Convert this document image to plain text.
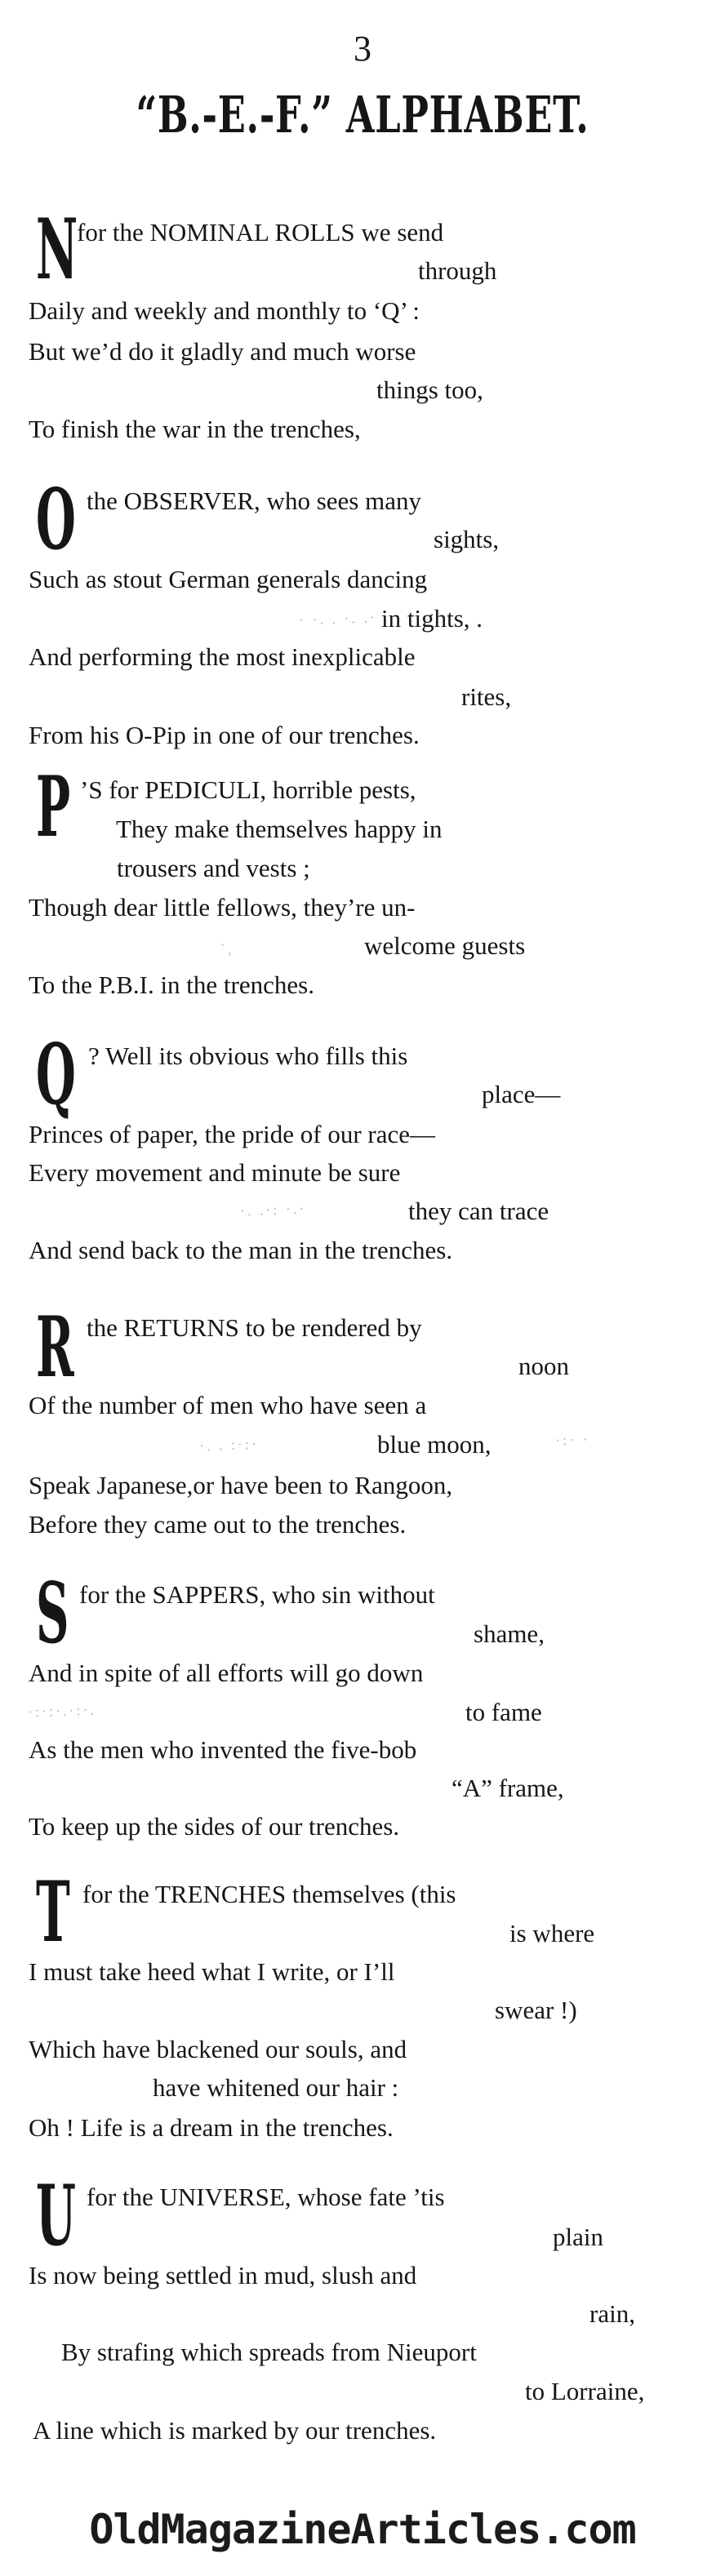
3
“B.-E.-F.” ALPHABET.
N
for the NOMINAL ROLLS we send
through
Daily and weekly and monthly to ‘Q’ :
But we’d do it gladly and much worse
things too,
To finish the war in the trenches,
O the OBSERVER, who sees many
sights,
Such as stout German generals dancing
in tights, .
And performing the most inexplicable
rites,
From his O-Pip in one of our trenches.
· ·. . ·. .·
P ’S for PEDICULI, horrible pests,
They make themselves happy in
trousers and vests ;
Though dear little fellows, they’re un-
welcome guests
To the P.B.I. in the trenches.
`,
Q ? Well its obvious who fills this
place—
Princes of paper, the pride of our race—
Every movement and minute be sure
they can trace
And send back to the man in the trenches.
·. .·: ·.·
R the RETURNS to be rendered by
noon
Of the number of men who have seen a
blue moon,
Speak Japanese,or have been to Rangoon,
Before they came out to the trenches.
·. . :·:·	·:· ·
S for the SAPPERS, who sin without
shame,
And in spite of all efforts will go down
to fame
As the men who invented the five-bob
“A” frame,
To keep up the sides of our trenches.
·:·:·.·:·.
T for the TRENCHES themselves (this
is where
I must take heed what I write, or I’ll
swear !)
Which have blackened our souls, and
have whitened our hair :
Oh ! Life is a dream in the trenches.
U for the UNIVERSE, whose fate ’tis
plain
Is now being settled in mud, slush and
rain,
By strafing which spreads from Nieuport
to Lorraine,
A line which is marked by our trenches.
OldMagazineArticles.com
